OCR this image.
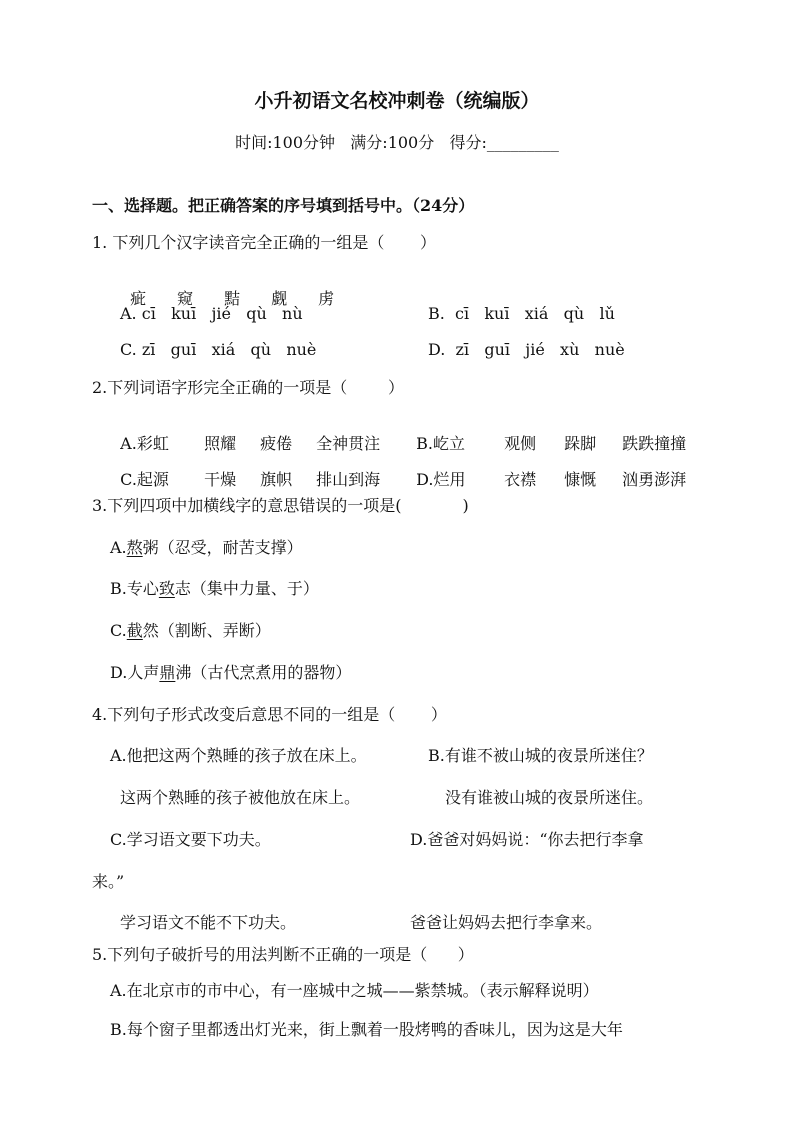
小升初语文名校冲刺卷（统编版）
时间:100分钟   满分:100分   得分:_________
一、选择题。把正确答案的序号填到括号中。（24分）
1. 下列几个汉字读音完全正确的一组是（       ）

疵 窥 黠 觑 虏

A. cī   kuī   jié   qù   nù	B.  cī   kuī   xiá   qù   lǔ
C. zī   guī   xiá   qù   nuè	D.  zī   guī   jié   xù   nuè
2.下列词语字形完全正确的一项是（        ）

A.彩虹 照耀 疲倦 全神贯注 B.屹立 观侧 跺脚 跌跌撞撞

C.起源 干燥 旗帜 排山到海 D.烂用 衣襟 慷慨 汹勇澎湃

3.下列四项中加横线字的意思错误的一项是(            )
A.熬粥（忍受，耐苦支撑）
B.专心致志（集中力量、于）
C.截然（割断、弄断）
D.人声鼎沸（古代烹煮用的器物）
4.下列句子形式改变后意思不同的一组是（       ）
A.他把这两个熟睡的孩子放在床上。	B.有谁不被山城的夜景所迷住？
这两个熟睡的孩子被他放在床上。	没有谁被山城的夜景所迷住。
C.学习语文要下功夫。	D.爸爸对妈妈说：“你去把行李拿
来。”
学习语文不能不下功夫。	爸爸让妈妈去把行李拿来。
5.下列句子破折号的用法判断不正确的一项是（      ）
A.在北京市的市中心，有一座城中之城——紫禁城。（表示解释说明）
B.每个窗子里都透出灯光来，街上飘着一股烤鸭的香味儿，因为这是大年
